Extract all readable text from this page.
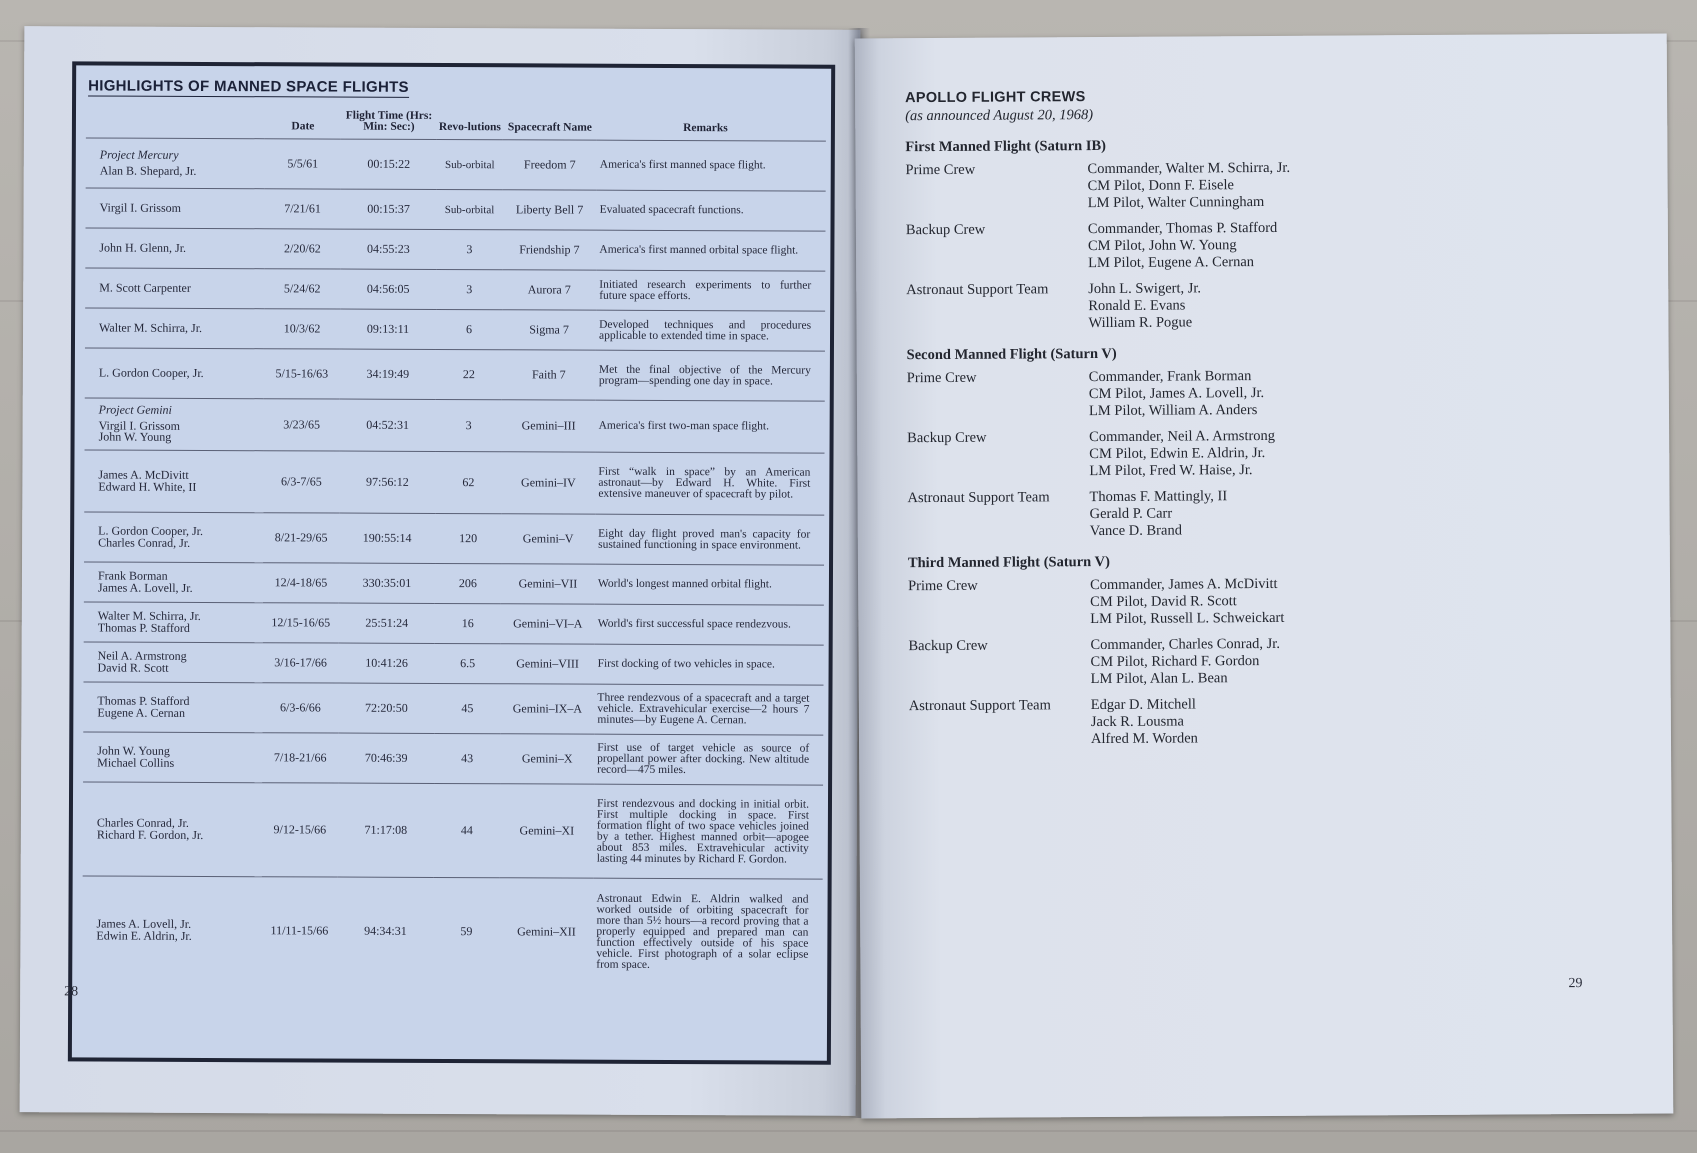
HIGHLIGHTS OF MANNED SPACE FLIGHTS
	Date	Flight Time (Hrs: Min: Sec:)	Revo-lutions	Spacecraft Name	Remarks

Project Mercury
Alan B. Shepard, Jr.	5/5/61	00:15:22	Sub-orbital	Freedom 7	America's first manned space flight.

Virgil I. Grissom	7/21/61	00:15:37	Sub-orbital	Liberty Bell 7	Evaluated spacecraft functions.

John H. Glenn, Jr.	2/20/62	04:55:23	3	Friendship 7	America's first manned orbital space flight.

M. Scott Carpenter	5/24/62	04:56:05	3	Aurora 7	Initiated research experiments to further future space efforts.

Walter M. Schirra, Jr.	10/3/62	09:13:11	6	Sigma 7	Developed techniques and procedures applicable to extended time in space.

L. Gordon Cooper, Jr.	5/15-16/63	34:19:49	22	Faith 7	Met the final objective of the Mercury program—spending one day in space.

Project Gemini
Virgil I. Grissom
John W. Young	3/23/65	04:52:31	3	Gemini–III	America's first two-man space flight.

James A. McDivitt
Edward H. White, II	6/3-7/65	97:56:12	62	Gemini–IV	First “walk in space” by an American astronaut—by Edward H. White. First extensive maneuver of spacecraft by pilot.

L. Gordon Cooper, Jr.
Charles Conrad, Jr.	8/21-29/65	190:55:14	120	Gemini–V	Eight day flight proved man's capacity for sustained functioning in space environment.

Frank Borman
James A. Lovell, Jr.	12/4-18/65	330:35:01	206	Gemini–VII	World's longest manned orbital flight.

Walter M. Schirra, Jr.
Thomas P. Stafford	12/15-16/65	25:51:24	16	Gemini–VI–A	World's first successful space rendezvous.

Neil A. Armstrong
David R. Scott	3/16-17/66	10:41:26	6.5	Gemini–VIII	First docking of two vehicles in space.

Thomas P. Stafford
Eugene A. Cernan	6/3-6/66	72:20:50	45	Gemini–IX–A	Three rendezvous of a spacecraft and a target vehicle. Extravehicular exercise—2 hours 7 minutes—by Eugene A. Cernan.

John W. Young
Michael Collins	7/18-21/66	70:46:39	43	Gemini–X	First use of target vehicle as source of propellant power after docking. New altitude record—475 miles.

Charles Conrad, Jr.
Richard F. Gordon, Jr.	9/12-15/66	71:17:08	44	Gemini–XI	First rendezvous and docking in initial orbit. First multiple docking in space. First formation flight of two space vehicles joined by a tether. Highest manned orbit—apogee about 853 miles. Extravehicular activity lasting 44 minutes by Richard F. Gordon.

James A. Lovell, Jr.
Edwin E. Aldrin, Jr.	11/11-15/66	94:34:31	59	Gemini–XII	Astronaut Edwin E. Aldrin walked and worked outside of orbiting spacecraft for more than 5½ hours—a record proving that a properly equipped and prepared man can function effectively outside of his space vehicle. First photograph of a solar eclipse from space.
28
APOLLO FLIGHT CREWS
(as announced August 20, 1968)
First Manned Flight (Saturn IB)
Prime Crew	Commander, Walter M. Schirra, Jr.
CM Pilot, Donn F. Eisele
LM Pilot, Walter Cunningham
Backup Crew	Commander, Thomas P. Stafford
CM Pilot, John W. Young
LM Pilot, Eugene A. Cernan
Astronaut Support Team	John L. Swigert, Jr.
Ronald E. Evans
William R. Pogue
Second Manned Flight (Saturn V)
Prime Crew	Commander, Frank Borman
CM Pilot, James A. Lovell, Jr.
LM Pilot, William A. Anders
Backup Crew	Commander, Neil A. Armstrong
CM Pilot, Edwin E. Aldrin, Jr.
LM Pilot, Fred W. Haise, Jr.
Astronaut Support Team	Thomas F. Mattingly, II
Gerald P. Carr
Vance D. Brand
Third Manned Flight (Saturn V)
Prime Crew	Commander, James A. McDivitt
CM Pilot, David R. Scott
LM Pilot, Russell L. Schweickart
Backup Crew	Commander, Charles Conrad, Jr.
CM Pilot, Richard F. Gordon
LM Pilot, Alan L. Bean
Astronaut Support Team	Edgar D. Mitchell
Jack R. Lousma
Alfred M. Worden
29
